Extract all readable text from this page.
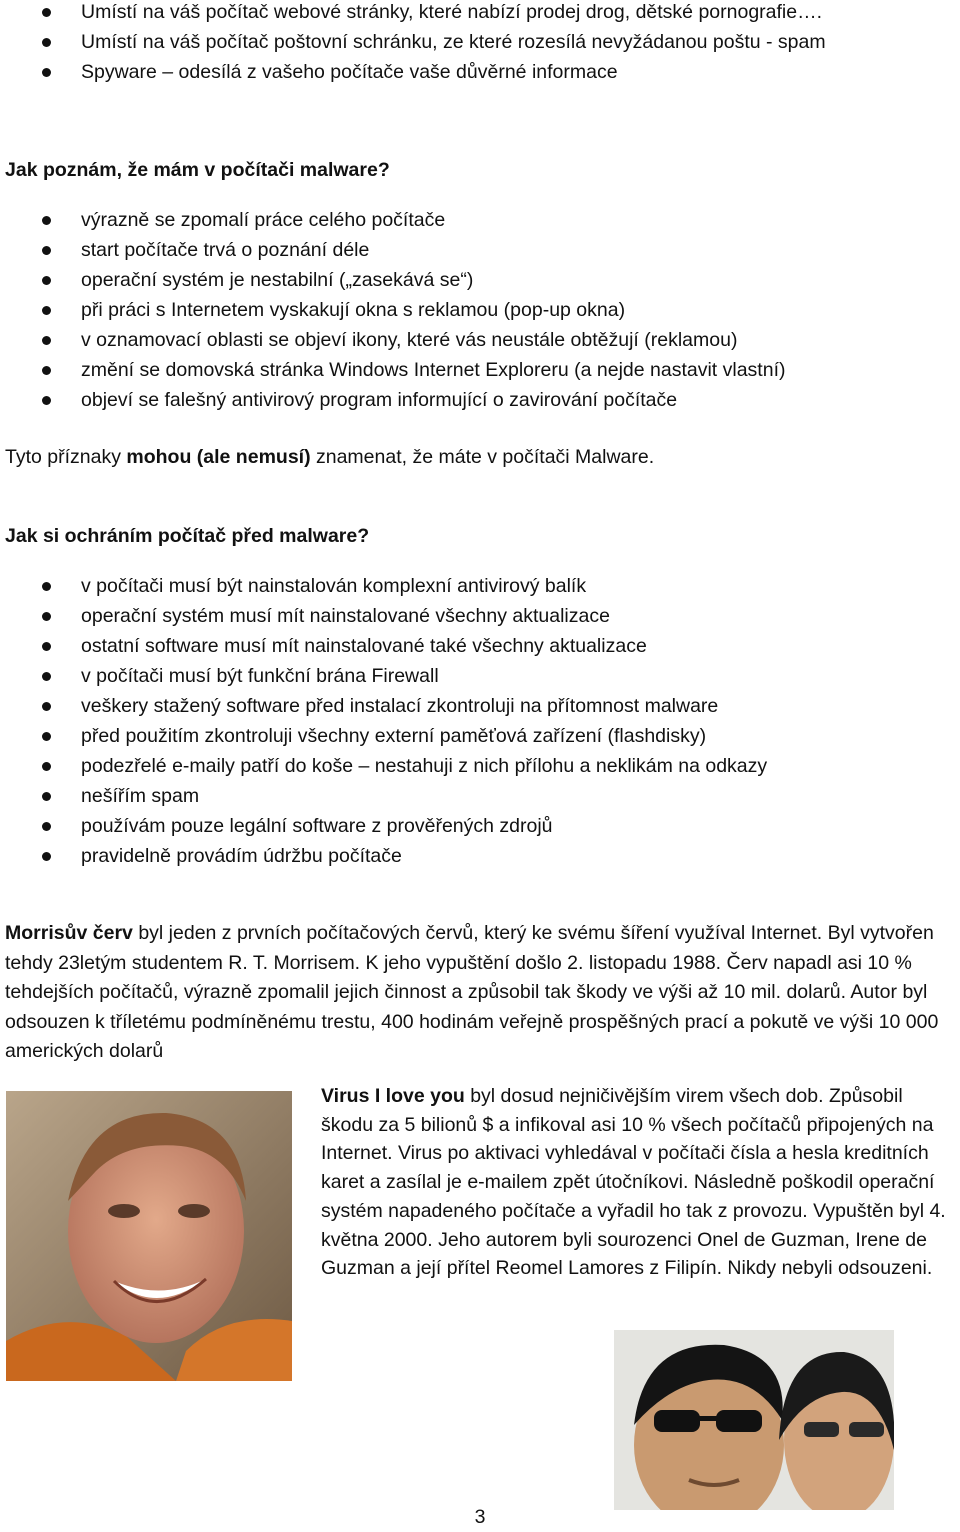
Umístí na váš počítač webové stránky, které nabízí prodej drog, dětské pornografie….
Umístí na váš počítač poštovní schránku, ze které rozesílá nevyžádanou poštu - spam
Spyware – odesílá z vašeho počítače vaše důvěrné informace
Jak poznám, že mám v počítači malware?
výrazně se zpomalí práce celého počítače
start počítače trvá o poznání déle
operační systém je nestabilní („zasekává se“)
při práci s Internetem vyskakují okna s reklamou (pop-up okna)
v oznamovací oblasti se objeví ikony, které vás neustále obtěžují (reklamou)
změní se domovská stránka Windows Internet Exploreru (a nejde nastavit vlastní)
objeví se falešný antivirový program informující o zavirování počítače
Tyto příznaky mohou (ale nemusí) znamenat, že máte v počítači Malware.
Jak si ochráním počítač před malware?
v počítači musí být nainstalován komplexní antivirový balík
operační systém musí mít nainstalované všechny aktualizace
ostatní software musí mít nainstalované také všechny aktualizace
v počítači musí být funkční brána Firewall
veškery stažený software před instalací zkontroluji na přítomnost malware
před použitím zkontroluji všechny externí paměťová zařízení (flashdisky)
podezřelé e-maily patří do koše – nestahuji z nich přílohu a neklikám na odkazy
nešířím spam
používám pouze legální software z prověřených zdrojů
pravidelně provádím údržbu počítače
Morrisův červ byl jeden z prvních počítačových červů, který ke svému šíření využíval Internet. Byl vytvořen tehdy 23letým studentem R. T. Morrisem. K jeho vypuštění došlo 2. listopadu 1988. Červ napadl asi 10 % tehdejších počítačů, výrazně zpomalil jejich činnost a způsobil tak škody ve výši až 10 mil. dolarů. Autor byl odsouzen k tříletému podmíněnému trestu, 400 hodinám veřejně prospěšných prací a pokutě ve výši 10 000 amerických dolarů
Virus I love you byl dosud nejničivějším virem všech dob. Způsobil škodu za 5 bilionů $ a infikoval asi 10 % všech počítačů připojených na Internet. Virus po aktivaci vyhledával v počítači čísla a hesla kreditních karet a zasílal je e-mailem zpět útočníkovi. Následně poškodil operační systém napadeného počítače a vyřadil ho tak z provozu. Vypuštěn byl 4. května 2000. Jeho autorem byli sourozenci Onel de Guzman, Irene de Guzman a její přítel Reomel Lamores z Filipín. Nikdy nebyli odsouzeni.
3
